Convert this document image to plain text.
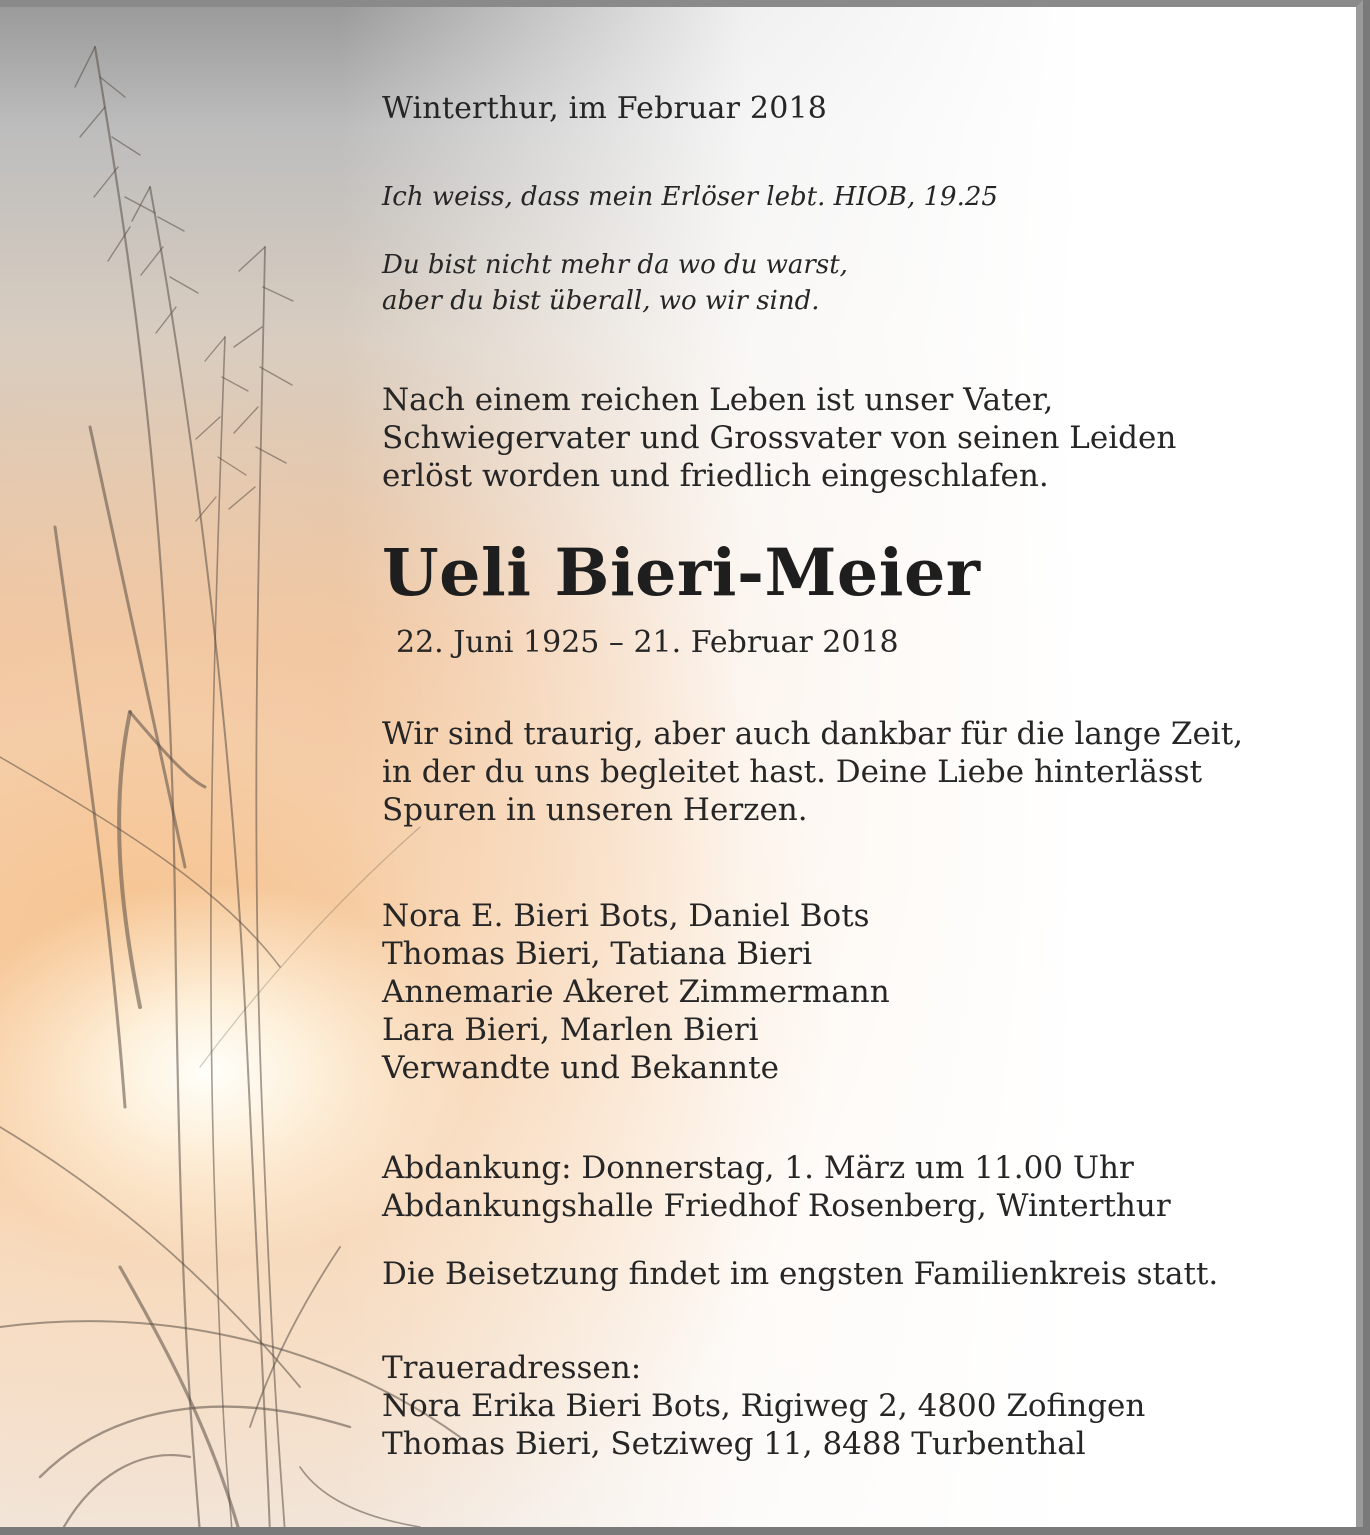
Winterthur, im Februar 2018
Ich weiss, dass mein Erlöser lebt. HIOB, 19.25
Du bist nicht mehr da wo du warst,
aber du bist überall, wo wir sind.
Nach einem reichen Leben ist unser Vater,
Schwiegervater und Grossvater von seinen Leiden
erlöst worden und friedlich eingeschlafen.
Ueli Bieri-Meier
22. Juni 1925 – 21. Februar 2018
Wir sind traurig, aber auch dankbar für die lange Zeit,
in der du uns begleitet hast. Deine Liebe hinterlässt
Spuren in unseren Herzen.
Nora E. Bieri Bots, Daniel Bots
Thomas Bieri, Tatiana Bieri
Annemarie Akeret Zimmermann
Lara Bieri, Marlen Bieri
Verwandte und Bekannte
Abdankung: Donnerstag, 1. März um 11.00 Uhr
Abdankungshalle Friedhof Rosenberg, Winterthur
Die Beisetzung findet im engsten Familienkreis statt.
Traueradressen:
Nora Erika Bieri Bots, Rigiweg 2, 4800 Zofingen
Thomas Bieri, Setziweg 11, 8488 Turbenthal
